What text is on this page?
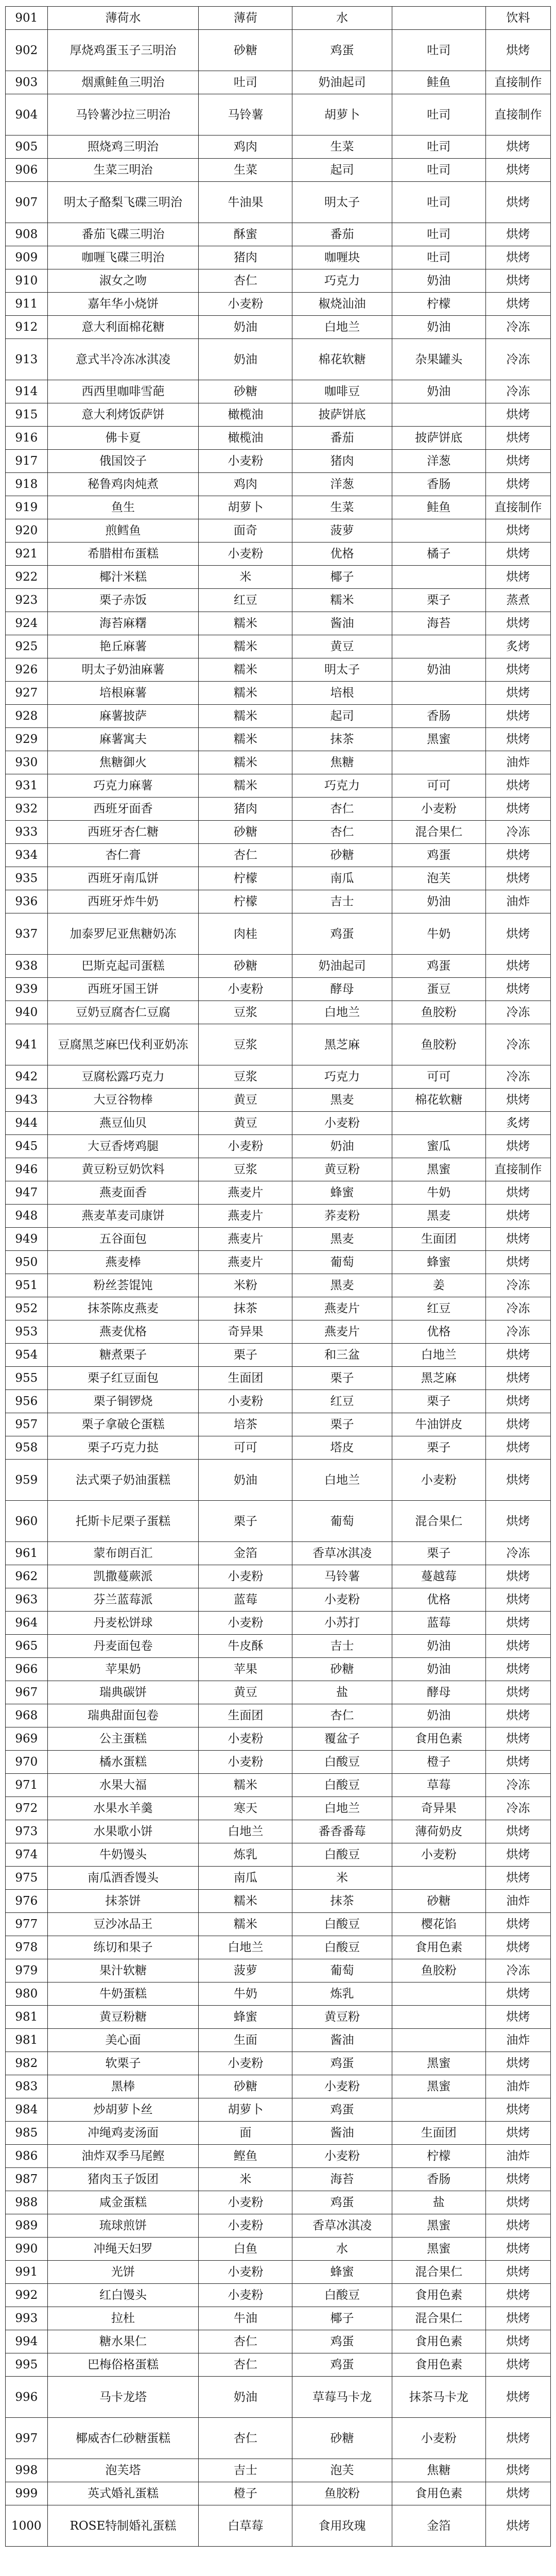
901	薄荷水	薄荷	水		饮料
902	厚烧鸡蛋玉子三明治	砂糖	鸡蛋	吐司	烘烤
903	烟熏鲑鱼三明治	吐司	奶油起司	鲑鱼	直接制作
904	马铃薯沙拉三明治	马铃薯	胡萝卜	吐司	直接制作
905	照烧鸡三明治	鸡肉	生菜	吐司	烘烤
906	生菜三明治	生菜	起司	吐司	烘烤
907	明太子酪梨飞碟三明治	牛油果	明太子	吐司	烘烤
908	番茄飞碟三明治	酥蜜	番茄	吐司	烘烤
909	咖喱飞碟三明治	猪肉	咖喱块	吐司	烘烤
910	淑女之吻	杏仁	巧克力	奶油	烘烤
911	嘉年华小烧饼	小麦粉	椒烧汕油	柠檬	烘烤
912	意大利面棉花糖	奶油	白地兰	奶油	冷冻
913	意式半冷冻冰淇凌	奶油	棉花软糖	杂果罐头	冷冻
914	西西里咖啡雪葩	砂糖	咖啡豆	奶油	冷冻
915	意大利烤饭萨饼	橄榄油	披萨饼底		烘烤
916	佛卡夏	橄榄油	番茄	披萨饼底	烘烤
917	俄国饺子	小麦粉	猪肉	洋葱	烘烤
918	秘鲁鸡肉炖煮	鸡肉	洋葱	香肠	烘烤
919	鱼生	胡萝卜	生菜	鲑鱼	直接制作
920	煎鳕鱼	面奇	菠萝		烘烤
921	希腊柑布蛋糕	小麦粉	优格	橘子	烘烤
922	椰汁米糕	米	椰子		烘烤
923	栗子赤饭	红豆	糯米	栗子	蒸煮
924	海苔麻糬	糯米	酱油	海苔	烘烤
925	艳丘麻薯	糯米	黄豆		炙烤
926	明太子奶油麻薯	糯米	明太子	奶油	烘烤
927	培根麻薯	糯米	培根		烘烤
928	麻薯披萨	糯米	起司	香肠	烘烤
929	麻薯寓夫	糯米	抹茶	黑蜜	烘烤
930	焦糖御火	糯米	焦糖		油炸
931	巧克力麻薯	糯米	巧克力	可可	烘烤
932	西班牙面香	猪肉	杏仁	小麦粉	烘烤
933	西班牙杏仁糖	砂糖	杏仁	混合果仁	冷冻
934	杏仁膏	杏仁	砂糖	鸡蛋	烘烤
935	西班牙南瓜饼	柠檬	南瓜	泡芙	烘烤
936	西班牙炸牛奶	柠檬	吉士	奶油	油炸
937	加泰罗尼亚焦糖奶冻	肉桂	鸡蛋	牛奶	烘烤
938	巴斯克起司蛋糕	砂糖	奶油起司	鸡蛋	烘烤
939	西班牙国王饼	小麦粉	酵母	蛋豆	烘烤
940	豆奶豆腐杏仁豆腐	豆浆	白地兰	鱼胶粉	冷冻
941	豆腐黑芝麻巴伐利亚奶冻	豆浆	黑芝麻	鱼胶粉	冷冻
942	豆腐松露巧克力	豆浆	巧克力	可可	冷冻
943	大豆谷物棒	黄豆	黑麦	棉花软糖	烘烤
944	燕豆仙贝	黄豆	小麦粉		炙烤
945	大豆香烤鸡腿	小麦粉	奶油	蜜瓜	烘烤
946	黄豆粉豆奶饮料	豆浆	黄豆粉	黑蜜	直接制作
947	燕麦面香	燕麦片	蜂蜜	牛奶	烘烤
948	燕麦革麦司康饼	燕麦片	荞麦粉	黑麦	烘烤
949	五谷面包	燕麦片	黑麦	生面团	烘烤
950	燕麦棒	燕麦片	葡萄	蜂蜜	烘烤
951	粉丝荟馄饨	米粉	黑麦	姜	冷冻
952	抹茶陈皮燕麦	抹茶	燕麦片	红豆	冷冻
953	燕麦优格	奇异果	燕麦片	优格	冷冻
954	糖煮栗子	栗子	和三盆	白地兰	烘烤
955	栗子红豆面包	生面团	栗子	黑芝麻	烘烤
956	栗子铜锣烧	小麦粉	红豆	栗子	烘烤
957	栗子拿破仑蛋糕	培茶	栗子	牛油饼皮	烘烤
958	栗子巧克力挞	可可	塔皮	栗子	烘烤
959	法式栗子奶油蛋糕	奶油	白地兰	小麦粉	烘烤
960	托斯卡尼栗子蛋糕	栗子	葡萄	混合果仁	烘烤
961	蒙布朗百汇	金箔	香草冰淇凌	栗子	冷冻
962	凯撒蔓蕨派	小麦粉	马铃薯	蔓越莓	烘烤
963	芬兰蓝莓派	蓝莓	小麦粉	优格	烘烤
964	丹麦松饼球	小麦粉	小苏打	蓝莓	烘烤
965	丹麦面包卷	牛皮酥	吉士	奶油	烘烤
966	苹果奶	苹果	砂糖	奶油	烘烤
967	瑞典碳饼	黄豆	盐	酵母	烘烤
968	瑞典甜面包卷	生面团	杏仁	奶油	烘烤
969	公主蛋糕	小麦粉	覆盆子	食用色素	烘烤
970	橘水蛋糕	小麦粉	白酸豆	橙子	烘烤
971	水果大福	糯米	白酸豆	草莓	冷冻
972	水果水羊羹	寒天	白地兰	奇异果	冷冻
973	水果歌小饼	白地兰	番香番莓	薄荷奶皮	烘烤
974	牛奶馒头	炼乳	白酸豆	小麦粉	烘烤
975	南瓜酒香馒头	南瓜	米		烘烤
976	抹茶饼	糯米	抹茶	砂糖	油炸
977	豆沙冰品王	糯米	白酸豆	樱花馅	烘烤
978	练切和果子	白地兰	白酸豆	食用色素	烘烤
979	果汁软糖	菠萝	葡萄	鱼胶粉	冷冻
980	牛奶蛋糕	牛奶	炼乳		烘烤
981	黄豆粉糖	蜂蜜	黄豆粉		烘烤
981	美心面	生面	酱油		油炸
982	软栗子	小麦粉	鸡蛋	黑蜜	烘烤
983	黑棒	砂糖	小麦粉	黑蜜	油炸
984	炒胡萝卜丝	胡萝卜	鸡蛋		烘烤
985	冲绳鸡麦汤面	面	酱油	生面团	烘烤
986	油炸双季马尾鲣	鲣鱼	小麦粉	柠檬	油炸
987	猪肉玉子饭团	米	海苔	香肠	烘烤
988	咸金蛋糕	小麦粉	鸡蛋	盐	烘烤
989	琉球煎饼	小麦粉	香草冰淇凌	黑蜜	烘烤
990	冲绳天妇罗	白鱼	水	黑蜜	烘烤
991	光饼	小麦粉	蜂蜜	混合果仁	烘烤
992	红白馒头	小麦粉	白酸豆	食用色素	烘烤
993	拉杜	牛油	椰子	混合果仁	烘烤
994	糖水果仁	杏仁	鸡蛋	食用色素	烘烤
995	巴梅俗格蛋糕	杏仁	鸡蛋	食用色素	烘烤
996	马卡龙塔	奶油	草莓马卡龙	抹茶马卡龙	烘烤
997	椰威杏仁砂糖蛋糕	杏仁	砂糖	小麦粉	烘烤
998	泡芙塔	吉士	泡芙	焦糖	烘烤
999	英式婚礼蛋糕	橙子	鱼胶粉	食用色素	烘烤
1000	ROSE特制婚礼蛋糕	白草莓	食用玫瑰	金箔	烘烤
